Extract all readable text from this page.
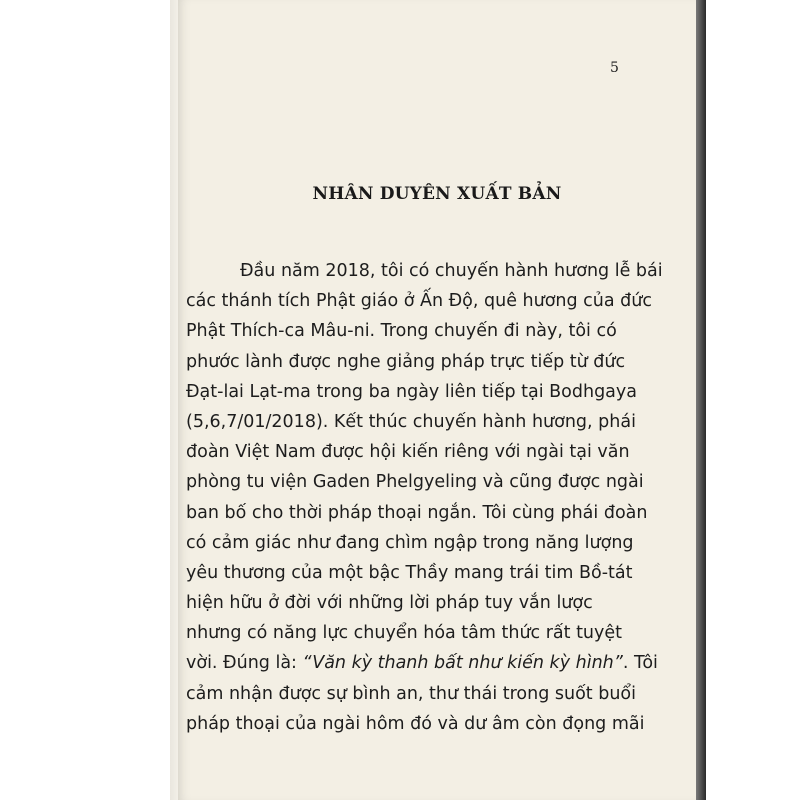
5
NHÂN DUYÊN XUẤT BẢN
Đầu năm 2018, tôi có chuyến hành hương lễ bái
các thánh tích Phật giáo ở Ấn Độ, quê hương của đức
Phật Thích-ca Mâu-ni. Trong chuyến đi này, tôi có
phước lành được nghe giảng pháp trực tiếp từ đức
Đạt-lai Lạt-ma trong ba ngày liên tiếp tại Bodhgaya
(5,6,7/01/2018). Kết thúc chuyến hành hương, phái
đoàn Việt Nam được hội kiến riêng với ngài tại văn
phòng tu viện Gaden Phelgyeling và cũng được ngài
ban bố cho thời pháp thoại ngắn. Tôi cùng phái đoàn
có cảm giác như đang chìm ngập trong năng lượng
yêu thương của một bậc Thầy mang trái tim Bồ-tát
hiện hữu ở đời với những lời pháp tuy vắn lược
nhưng có năng lực chuyển hóa tâm thức rất tuyệt
vời. Đúng là: “Văn kỳ thanh bất như kiến kỳ hình”. Tôi
cảm nhận được sự bình an, thư thái trong suốt buổi
pháp thoại của ngài hôm đó và dư âm còn đọng mãi
